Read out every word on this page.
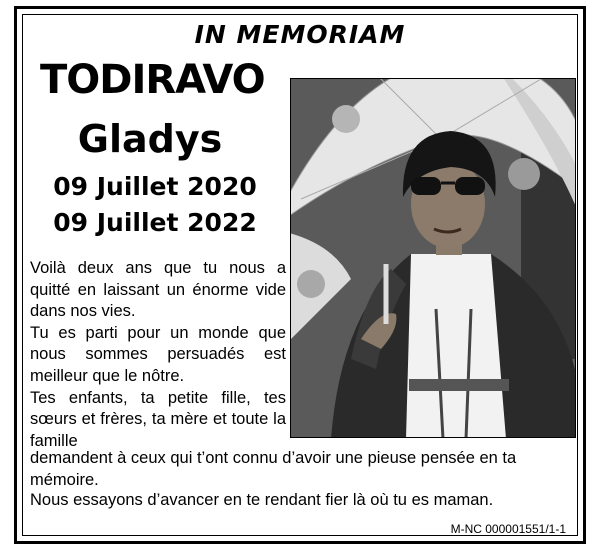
IN MEMORIAM
TODIRAVO
Gladys
09 Juillet 2020
09 Juillet 2022
Voilà deux ans que tu nous a quitté en laissant un énorme vide dans nos vies.
Tu es parti pour un monde que nous sommes persuadés est meilleur que le nôtre.
Tes enfants, ta petite fille, tes sœurs et frères, ta mère et toute la famille
demandent à ceux qui t’ont connu d’avoir une pieuse pensée en ta mémoire.
Nous essayons d’avancer en te rendant fier là où tu es maman.
M-NC 000001551/1-1
